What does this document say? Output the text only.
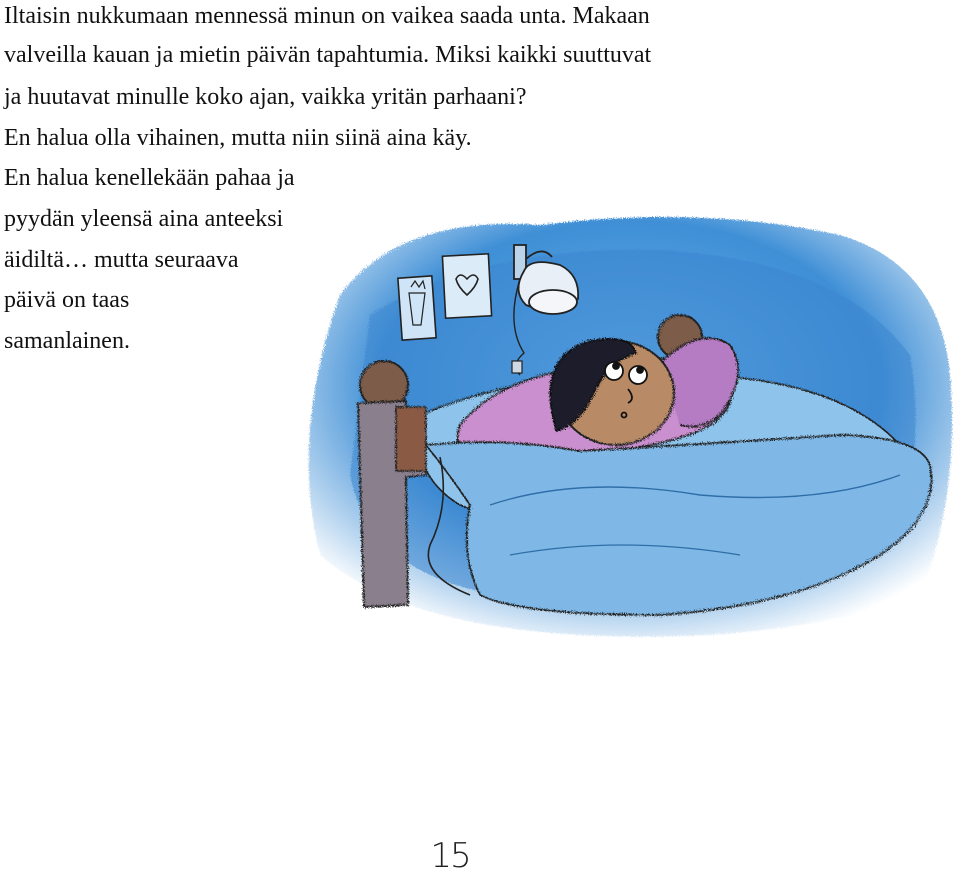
Iltaisin nukkumaan mennessä minun on vaikea saada unta. Makaan

valveilla kauan ja mietin päivän tapahtumia. Miksi kaikki suuttuvat

ja huutavat minulle koko ajan, vaikka yritän parhaani?

En halua olla vihainen, mutta niin siinä aina käy.

En halua kenellekään pahaa ja

pyydän yleensä aina anteeksi

äidiltä… mutta seuraava

päivä on taas

samanlainen.

15
